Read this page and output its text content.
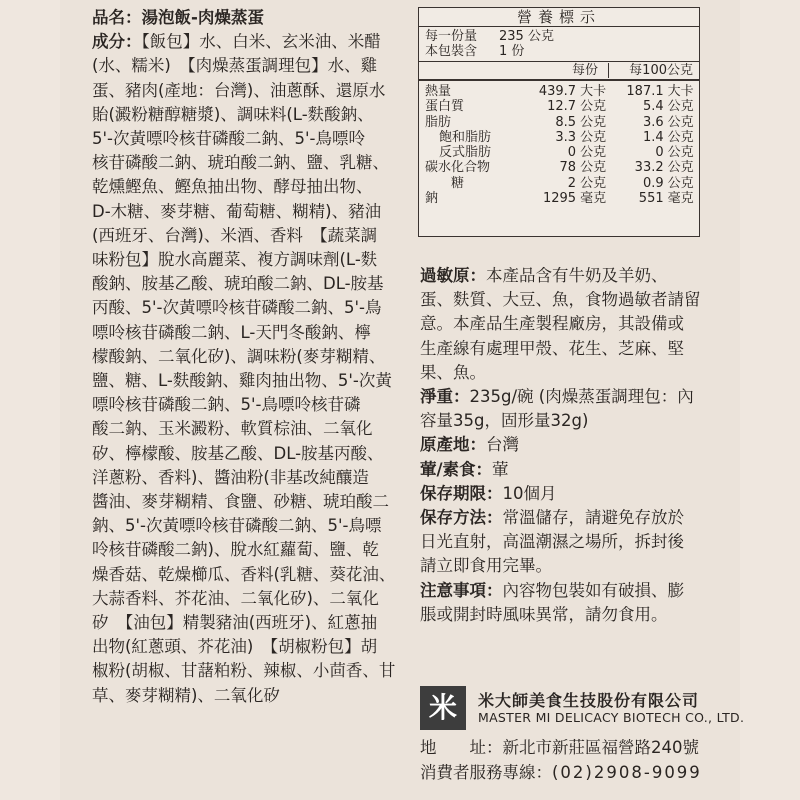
品名：湯泡飯-肉燥蒸蛋
成分：【飯包】水、白米、玄米油、米醋
(水、糯米)　【肉燥蒸蛋調理包】水、雞
蛋、豬肉(產地：台灣)、油蔥酥、還原水
貽(澱粉糖醇糖漿)、調味料(L-麩酸鈉、
5'-次黃嘌呤核苷磷酸二鈉、5'-鳥嘌呤
核苷磷酸二鈉、琥珀酸二鈉、鹽、乳糖、
乾燻鰹魚、鰹魚抽出物、酵母抽出物、
D-木糖、麥芽糖、葡萄糖、糊精)、豬油
(西班牙、台灣)、米酒、香料　【蔬菜調
味粉包】脫水高麗菜、複方調味劑(L-麩
酸鈉、胺基乙酸、琥珀酸二鈉、DL-胺基
丙酸、5'-次黃嘌呤核苷磷酸二鈉、5'-鳥
嘌呤核苷磷酸二鈉、L-天門冬酸鈉、檸
檬酸鈉、二氧化矽)、調味粉(麥芽糊精、
鹽、糖、L-麩酸鈉、雞肉抽出物、5'-次黃
嘌呤核苷磷酸二鈉、5'-鳥嘌呤核苷磷
酸二鈉、玉米澱粉、軟質棕油、二氧化
矽、檸檬酸、胺基乙酸、DL-胺基丙酸、
洋蔥粉、香料)、醬油粉(非基改純釀造
醬油、麥芽糊精、食鹽、砂糖、琥珀酸二
鈉、5'-次黃嘌呤核苷磷酸二鈉、5'-鳥嘌
呤核苷磷酸二鈉)、脫水紅蘿蔔、鹽、乾
燥香菇、乾燥櫛瓜、香料(乳糖、葵花油、
大蒜香料、芥花油、二氧化矽)、二氧化
矽　【油包】精製豬油(西班牙)、紅蔥抽
出物(紅蔥頭、芥花油)　【胡椒粉包】胡
椒粉(胡椒、甘藷粕粉、辣椒、小茴香、甘
草、麥芽糊精)、二氧化矽
營養標示
每一份量	235 公克
本包裝含	1 份
每份	每100公克
熱量	439.7	大卡	187.1	大卡
蛋白質	12.7	公克	5.4	公克
脂肪	8.5	公克	3.6	公克
飽和脂肪	3.3	公克	1.4	公克
反式脂肪	0	公克	0	公克
碳水化合物	78	公克	33.2	公克
糖	2	公克	0.9	公克
鈉	1295	毫克	551	毫克
過敏原：本產品含有牛奶及羊奶、
蛋、麩質、大豆、魚，食物過敏者請留
意。本產品生產製程廠房，其設備或
生產線有處理甲殼、花生、芝麻、堅
果、魚。
淨重：235g/碗 (肉燥蒸蛋調理包：內
容量35g，固形量32g)
原產地：台灣
葷/素食：葷
保存期限：10個月
保存方法：常溫儲存，請避免存放於
日光直射，高溫潮濕之場所，拆封後
請立即食用完畢。
注意事項：內容物包裝如有破損、膨
脹或開封時風味異常，請勿食用。
米	米大師美食生技股份有限公司
MASTER MI DELICACY BIOTECH CO., LTD.
地　　址：新北市新莊區福營路240號
消費者服務專線：(02)2908-9099
